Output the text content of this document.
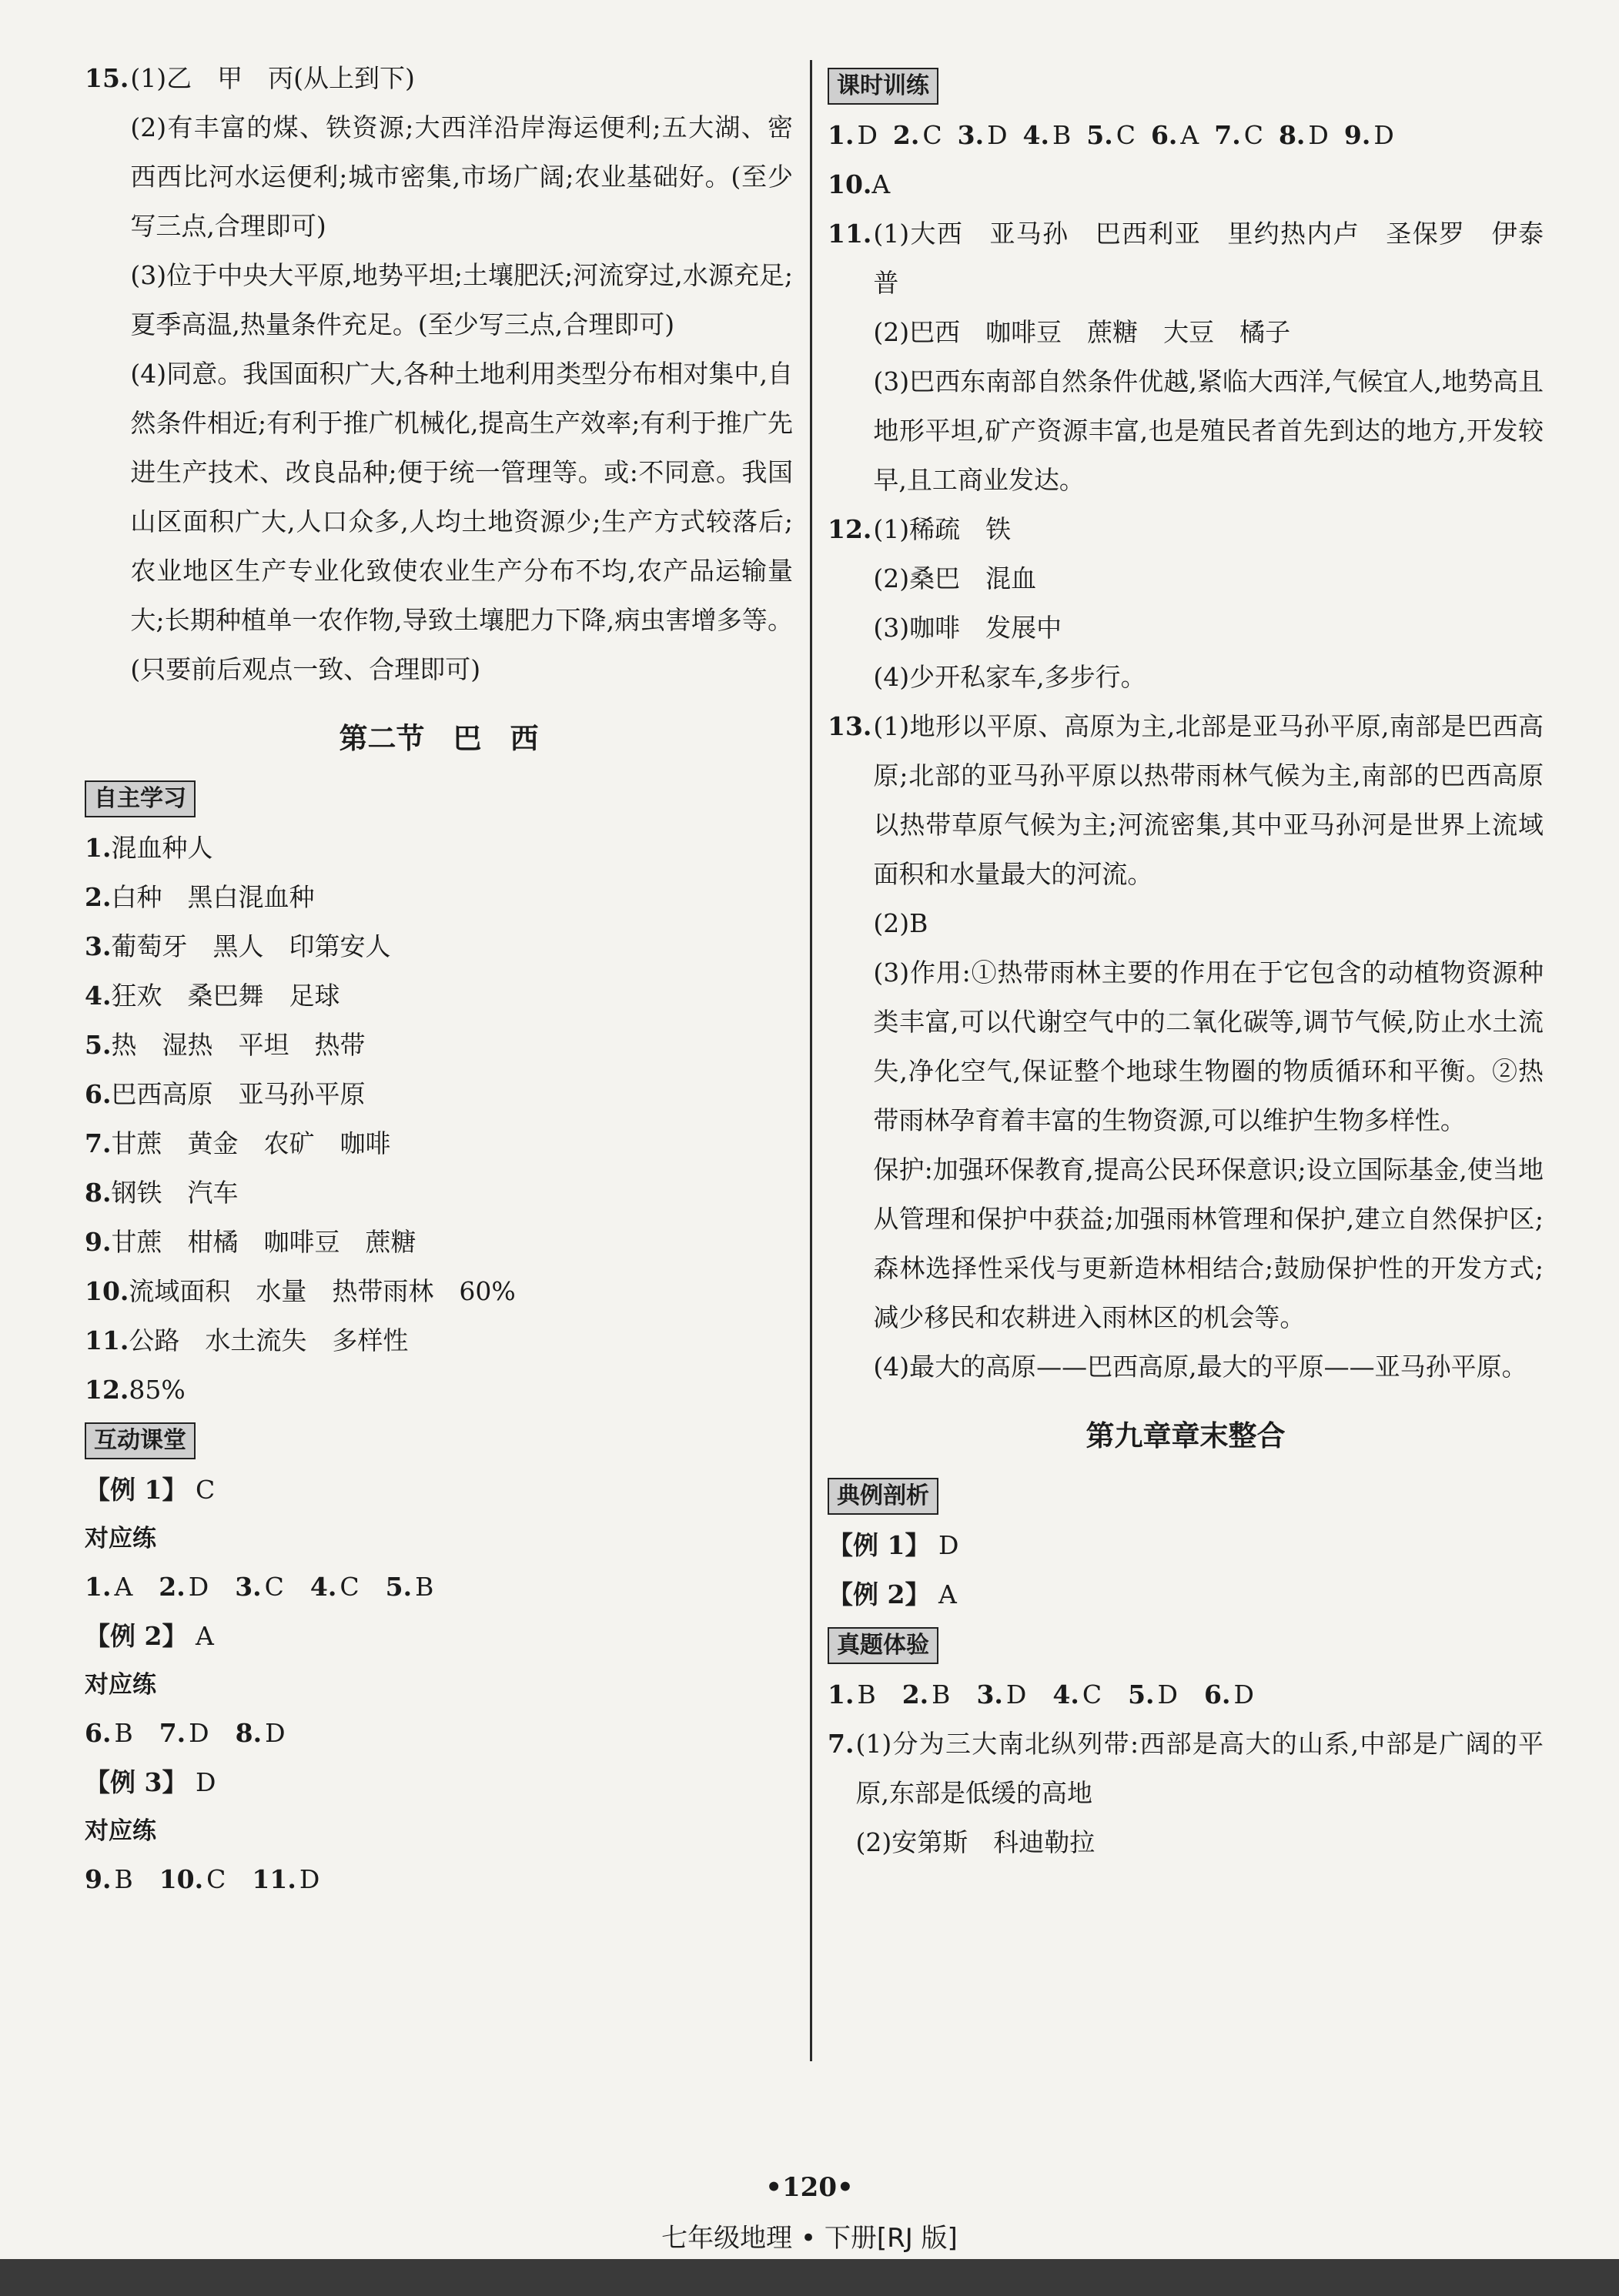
15. (1)乙　甲　丙(从上到下)
(2)有丰富的煤、铁资源;大西洋沿岸海运便利;五大湖、密西西比河水运便利;城市密集,市场广阔;农业基础好。(至少写三点,合理即可)
(3)位于中央大平原,地势平坦;土壤肥沃;河流穿过,水源充足;夏季高温,热量条件充足。(至少写三点,合理即可)
(4)同意。我国面积广大,各种土地利用类型分布相对集中,自然条件相近;有利于推广机械化,提高生产效率;有利于推广先进生产技术、改良品种;便于统一管理等。或:不同意。我国山区面积广大,人口众多,人均土地资源少;生产方式较落后;农业地区生产专业化致使农业生产分布不均,农产品运输量大;长期种植单一农作物,导致土壤肥力下降,病虫害增多等。(只要前后观点一致、合理即可)
第二节　巴　西
自主学习
1.混血种人
2.白种　黑白混血种
3.葡萄牙　黑人　印第安人
4.狂欢　桑巴舞　足球
5.热　湿热　平坦　热带
6.巴西高原　亚马孙平原
7.甘蔗　黄金　农矿　咖啡
8.钢铁　汽车
9.甘蔗　柑橘　咖啡豆　蔗糖
10.流域面积　水量　热带雨林　60%
11.公路　水土流失　多样性
12.85%
互动课堂
【例 1】 C
对应练
1. A 2. D 3. C 4. C 5. B
【例 2】 A
对应练
6. B 7. D 8. D
【例 3】 D
对应练
9. B 10. C 11. D
课时训练
1. D 2. C 3. D 4. B 5. C 6. A 7. C 8. D 9. D
10.A
11. (1)大西　亚马孙　巴西利亚　里约热内卢　圣保罗　伊泰普
(2)巴西　咖啡豆　蔗糖　大豆　橘子
(3)巴西东南部自然条件优越,紧临大西洋,气候宜人,地势高且地形平坦,矿产资源丰富,也是殖民者首先到达的地方,开发较早,且工商业发达。
12. (1)稀疏　铁
(2)桑巴　混血
(3)咖啡　发展中
(4)少开私家车,多步行。
13. (1)地形以平原、高原为主,北部是亚马孙平原,南部是巴西高原;北部的亚马孙平原以热带雨林气候为主,南部的巴西高原以热带草原气候为主;河流密集,其中亚马孙河是世界上流域面积和水量最大的河流。
(2)B
(3)作用:①热带雨林主要的作用在于它包含的动植物资源种类丰富,可以代谢空气中的二氧化碳等,调节气候,防止水土流失,净化空气,保证整个地球生物圈的物质循环和平衡。②热带雨林孕育着丰富的生物资源,可以维护生物多样性。
保护:加强环保教育,提高公民环保意识;设立国际基金,使当地从管理和保护中获益;加强雨林管理和保护,建立自然保护区;森林选择性采伐与更新造林相结合;鼓励保护性的开发方式;减少移民和农耕进入雨林区的机会等。
(4)最大的高原——巴西高原,最大的平原——亚马孙平原。
第九章章末整合
典例剖析
【例 1】 D
【例 2】 A
真题体验
1. B 2. B 3. D 4. C 5. D 6. D
7. (1)分为三大南北纵列带:西部是高大的山系,中部是广阔的平原,东部是低缓的高地
(2)安第斯　科迪勒拉
•120•
七年级地理 • 下册[RJ 版]
